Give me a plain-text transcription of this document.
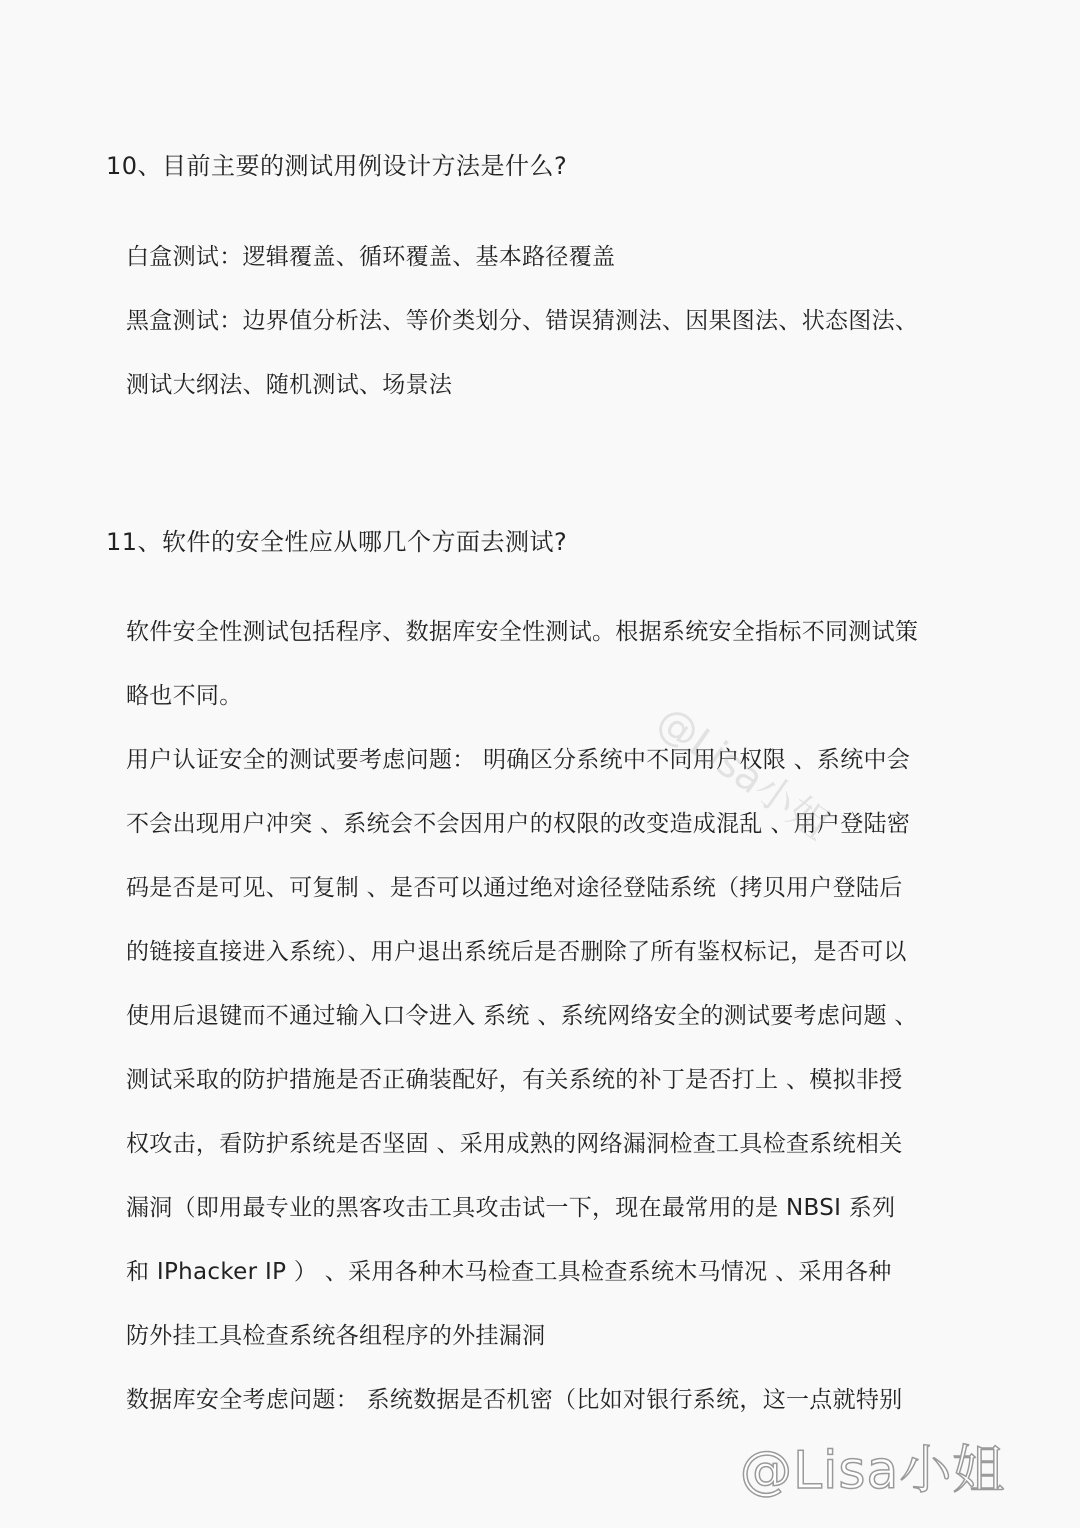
10、目前主要的测试用例设计方法是什么?
白盒测试：逻辑覆盖、循环覆盖、基本路径覆盖
黑盒测试：边界值分析法、等价类划分、错误猜测法、因果图法、状态图法、
测试大纲法、随机测试、场景法
11、软件的安全性应从哪几个方面去测试?
软件安全性测试包括程序、数据库安全性测试。根据系统安全指标不同测试策
略也不同。
用户认证安全的测试要考虑问题： 明确区分系统中不同用户权限 、系统中会
不会出现用户冲突 、系统会不会因用户的权限的改变造成混乱 、用户登陆密
码是否是可见、可复制 、是否可以通过绝对途径登陆系统（拷贝用户登陆后
的链接直接进入系统）、用户退出系统后是否删除了所有鉴权标记，是否可以
使用后退键而不通过输入口令进入 系统 、系统网络安全的测试要考虑问题 、
测试采取的防护措施是否正确装配好，有关系统的补丁是否打上 、模拟非授
权攻击，看防护系统是否坚固 、采用成熟的网络漏洞检查工具检查系统相关
漏洞（即用最专业的黑客攻击工具攻击试一下，现在最常用的是 NBSI 系列
和 IPhacker IP ） 、采用各种木马检查工具检查系统木马情况 、采用各种
防外挂工具检查系统各组程序的外挂漏洞
数据库安全考虑问题： 系统数据是否机密（比如对银行系统，这一点就特别
@Lisa小姐
@Lisa小姐
